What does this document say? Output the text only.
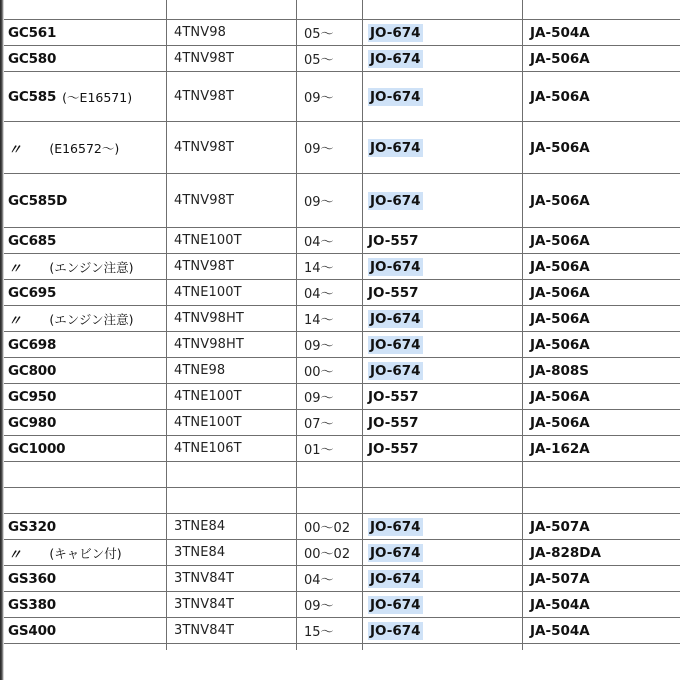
GC561	4TNV98	05～	JO-674	JA-504A
GC580	4TNV98T	05～	JO-674	JA-506A
GC585 (～E16571)	4TNV98T	09～	JO-674	JA-506A
〃 (E16572～)	4TNV98T	09～	JO-674	JA-506A
GC585D	4TNV98T	09～	JO-674	JA-506A
GC685	4TNE100T	04～	JO-557	JA-506A
〃 (エンジン注意)	4TNV98T	14～	JO-674	JA-506A
GC695	4TNE100T	04～	JO-557	JA-506A
〃 (エンジン注意)	4TNV98HT	14～	JO-674	JA-506A
GC698	4TNV98HT	09～	JO-674	JA-506A
GC800	4TNE98	00～	JO-674	JA-808S
GC950	4TNE100T	09～	JO-557	JA-506A
GC980	4TNE100T	07～	JO-557	JA-506A
GC1000	4TNE106T	01～	JO-557	JA-162A
GS320	3TNE84	00～02	JO-674	JA-507A
〃 (キャビン付)	3TNE84	00～02	JO-674	JA-828DA
GS360	3TNV84T	04～	JO-674	JA-507A
GS380	3TNV84T	09～	JO-674	JA-504A
GS400	3TNV84T	15～	JO-674	JA-504A
